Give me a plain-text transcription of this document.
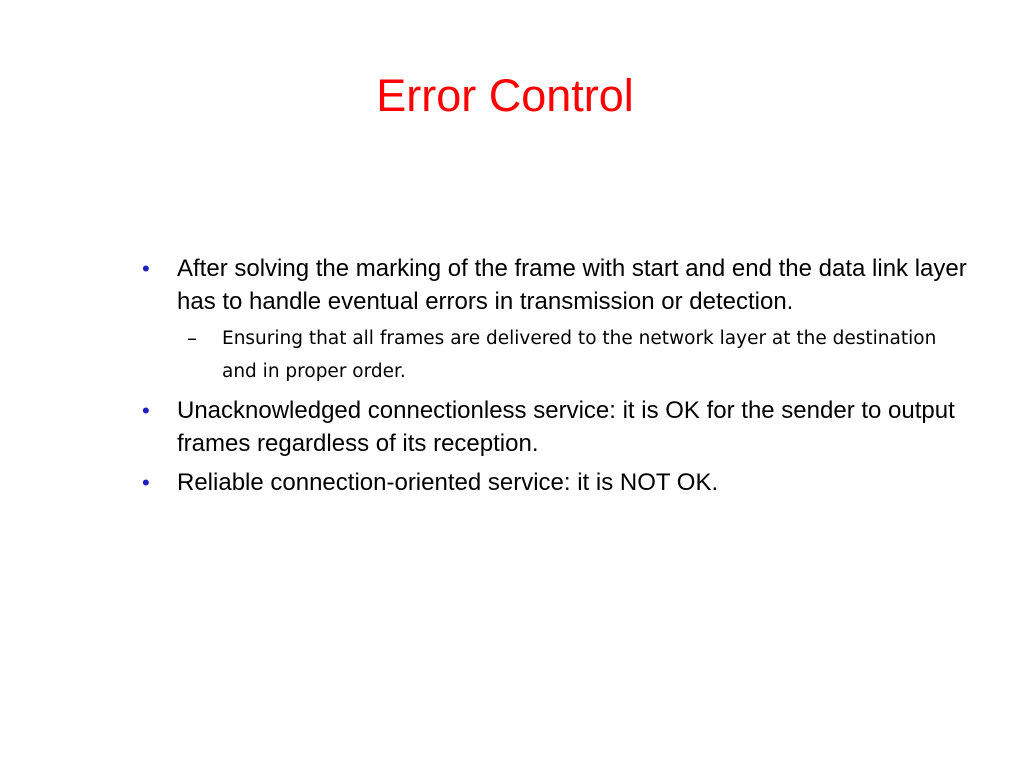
Error Control
• After solving the marking of the frame with start and end the data link layer has to handle eventual errors in transmission or detection.
– Ensuring that all frames are delivered to the network layer at the destination and in proper order.
• Unacknowledged connectionless service: it is OK for the sender to output frames regardless of its reception.
• Reliable connection-oriented service: it is NOT OK.
